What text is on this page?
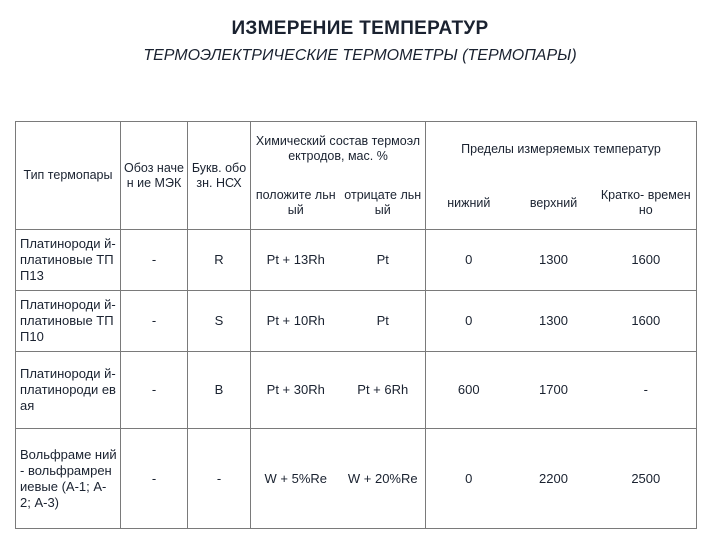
ИЗМЕРЕНИЕ ТЕМПЕРАТУР
ТЕРМОЭЛЕКТРИЧЕСКИЕ ТЕРМОМЕТРЫ (ТЕРМОПАРЫ)
Тип термопары	Обоз начен ие МЭК	Букв. обозн. НСХ	Химический состав термоэлектродов, мас. %		Пределы измеряемых температур		
			положите льный	отрицате льный	нижний	верхний	Кратко- временно
Платинороди й-платиновые ТПП13	-	R	Pt + 13Rh	Pt	0	1300	1600
Платинороди й-платиновые ТПП10	-	S	Pt + 10Rh	Pt	0	1300	1600
Платинороди й- платинороди евая	-	B	Pt + 30Rh	Pt + 6Rh	600	1700	-
Вольфраме ний- вольфрамрен иевые (А-1; А-2; А-3)	-	-	W + 5%Re	W + 20%Re	0	2200	2500
